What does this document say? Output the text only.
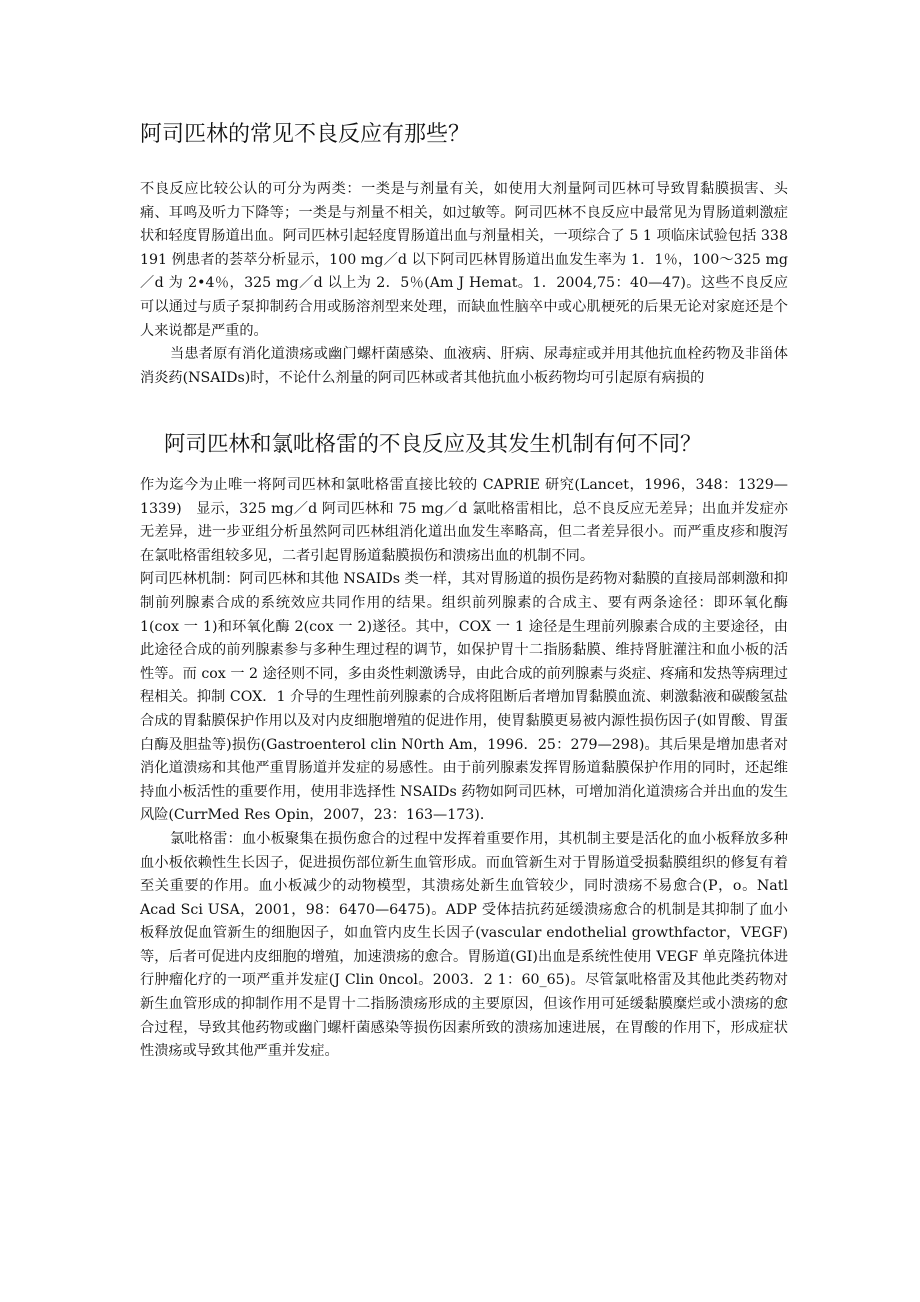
阿司匹林的常见不良反应有那些？

不良反应比较公认的可分为两类：一类是与剂量有关，如使用大剂量阿司匹林可导致胃黏膜损害、头痛、耳鸣及听力下降等；一类是与剂量不相关，如过敏等。阿司匹林不良反应中最常见为胃肠道刺激症状和轻度胃肠道出血。阿司匹林引起轻度胃肠道出血与剂量相关，一项综合了 5 1 项临床试验包括 338 191 例患者的荟萃分析显示，100 mg／d 以下阿司匹林胃肠道出血发生率为 1．1％，100～325 mg／d 为 2•4％，325 mg／d 以上为 2．5％(Am J Hemat。1．2004,75：40—47)。这些不良反应可以通过与质子泵抑制药合用或肠溶剂型来处理，而缺血性脑卒中或心肌梗死的后果无论对家庭还是个人来说都是严重的。

当患者原有消化道溃疡或幽门螺杆菌感染、血液病、肝病、尿毒症或并用其他抗血栓药物及非甾体消炎药(NSAIDs)时，不论什么剂量的阿司匹林或者其他抗血小板药物均可引起原有病损的

阿司匹林和氯吡格雷的不良反应及其发生机制有何不同？

作为迄今为止唯一将阿司匹林和氯吡格雷直接比较的 CAPRIE 研究(Lancet，1996，348：1329—1339)　显示，325 mg／d 阿司匹林和 75 mg／d 氯吡格雷相比，总不良反应无差异；出血并发症亦无差异，进一步亚组分析虽然阿司匹林组消化道出血发生率略高，但二者差异很小。而严重皮疹和腹泻在氯吡格雷组较多见，二者引起胃肠道黏膜损伤和溃疡出血的机制不同。

阿司匹林机制：阿司匹林和其他 NSAIDs 类一样，其对胃肠道的损伤是药物对黏膜的直接局部刺激和抑制前列腺素合成的系统效应共同作用的结果。组织前列腺素的合成主、要有两条途径：即环氧化酶 1(cox 一 1)和环氧化酶 2(cox 一 2)遂径。其中，COX 一 1 途径是生理前列腺素合成的主要途径，由此途径合成的前列腺素参与多种生理过程的调节，如保护胃十二指肠黏膜、维持肾脏灌注和血小板的活性等。而 cox 一 2 途径则不同，多由炎性刺激诱导，由此合成的前列腺素与炎症、疼痛和发热等病理过程相关。抑制 COX．1 介导的生理性前列腺素的合成将阻断后者增加胃黏膜血流、刺激黏液和碳酸氢盐合成的胃黏膜保护作用以及对内皮细胞增殖的促进作用，使胃黏膜更易被内源性损伤因子(如胃酸、胃蛋白酶及胆盐等)损伤(Gastroenterol clin N0rth Am，1996．25：279—298)。其后果是增加患者对消化道溃疡和其他严重胃肠道并发症的易感性。由于前列腺素发挥胃肠道黏膜保护作用的同时，还起维持血小板活性的重要作用，使用非选择性 NSAIDs 药物如阿司匹林，可增加消化道溃疡合并出血的发生风险(CurrMed Res Opin，2007，23：163—173)．

氯吡格雷：血小板聚集在损伤愈合的过程中发挥着重要作用，其机制主要是活化的血小板释放多种血小板依赖性生长因子，促进损伤部位新生血管形成。而血管新生对于胃肠道受损黏膜组织的修复有着至关重要的作用。血小板减少的动物模型，其溃疡处新生血管较少，同时溃疡不易愈合(P，o。Natl Acad Sci USA，2001，98：6470—6475)。ADP 受体拮抗药延缓溃疡愈合的机制是其抑制了血小板释放促血管新生的细胞因子，如血管内皮生长因子(vascular endothelial growthfactor，VEGF)等，后者可促进内皮细胞的增殖，加速溃疡的愈合。胃肠道(GI)出血是系统性使用 VEGF 单克隆抗体进行肿瘤化疗的一项严重并发症(J Clin 0ncol。2003．2 1：60_65)。尽管氯吡格雷及其他此类药物对新生血管形成的抑制作用不是胃十二指肠溃疡形成的主要原因，但该作用可延缓黏膜糜烂或小溃疡的愈合过程，导致其他药物或幽门螺杆菌感染等损伤因素所致的溃疡加速进展，在胃酸的作用下，形成症状性溃疡或导致其他严重并发症。
